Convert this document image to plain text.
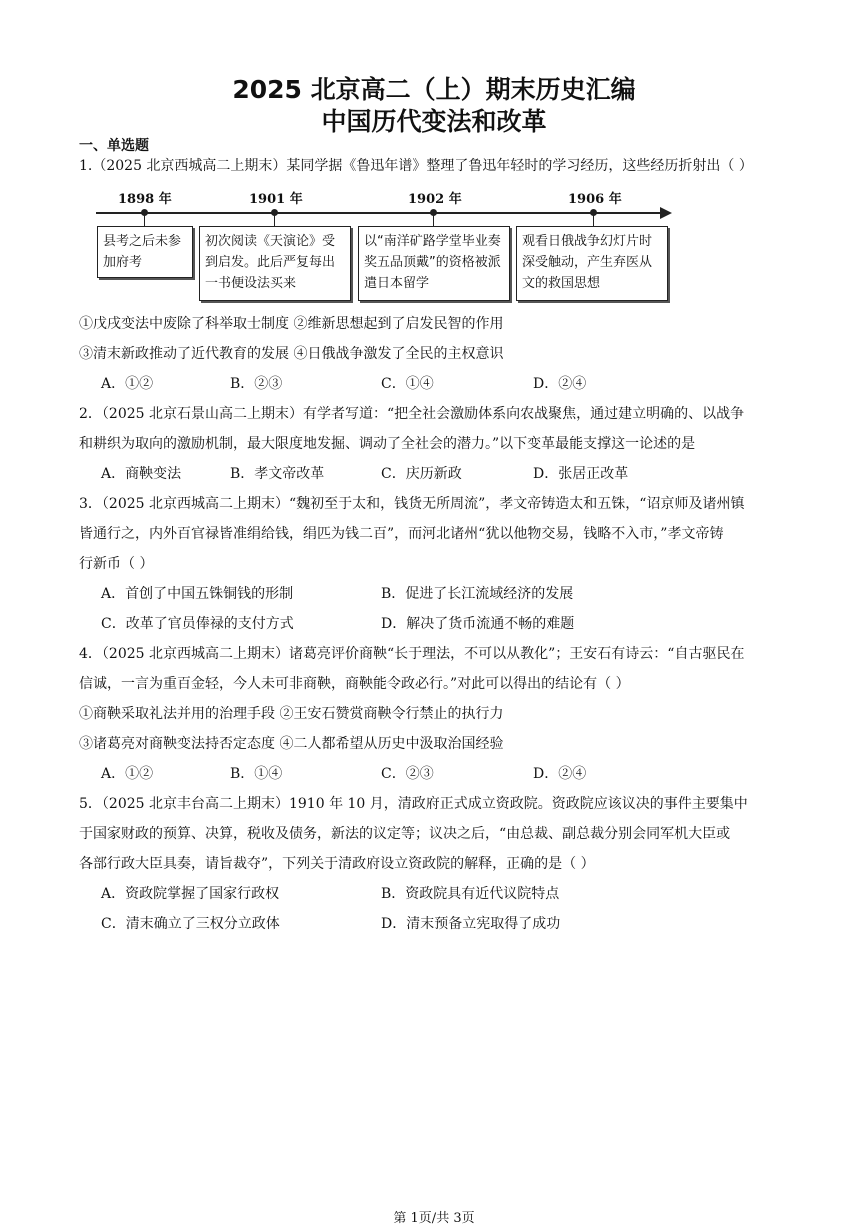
2025 北京高二（上）期末历史汇编
中国历代变法和改革
一、单选题
1.（2025 北京西城高二上期末）某同学据《鲁迅年谱》整理了鲁迅年轻时的学习经历，这些经历折射出（ ）
1898 年	1901 年	1902 年	1906 年
县考之后未参加府考
初次阅读《天演论》受到启发。此后严复每出一书便设法买来
以“南洋矿路学堂毕业奏奖五品顶戴”的资格被派遣日本留学
观看日俄战争幻灯片时深受触动，产生弃医从文的救国思想
①戊戌变法中废除了科举取士制度 ②维新思想起到了启发民智的作用
③清末新政推动了近代教育的发展 ④日俄战争激发了全民的主权意识
A．①②	B．②③	C．①④	D．②④
2．（2025 北京石景山高二上期末）有学者写道：“把全社会激励体系向农战聚焦，通过建立明确的、以战争
和耕织为取向的激励机制，最大限度地发掘、调动了全社会的潜力。”以下变革最能支撑这一论述的是
A．商鞅变法	B．孝文帝改革	C．庆历新政	D．张居正改革
3．（2025 北京西城高二上期末）“魏初至于太和，钱货无所周流”，孝文帝铸造太和五铢，“诏京师及诸州镇
皆通行之，内外百官禄皆准绢给钱，绢匹为钱二百”，而河北诸州“犹以他物交易，钱略不入市，”孝文帝铸
行新币（ ）
A．首创了中国五铢铜钱的形制	B．促进了长江流域经济的发展
C．改革了官员俸禄的支付方式	D．解决了货币流通不畅的难题
4．（2025 北京西城高二上期末）诸葛亮评价商鞅“长于理法，不可以从教化”；王安石有诗云：“自古驱民在
信诚，一言为重百金轻，今人未可非商鞅，商鞅能令政必行。”对此可以得出的结论有（ ）
①商鞅采取礼法并用的治理手段 ②王安石赞赏商鞅令行禁止的执行力
③诸葛亮对商鞅变法持否定态度 ④二人都希望从历史中汲取治国经验
A．①②	B．①④	C．②③	D．②④
5．（2025 北京丰台高二上期末）1910 年 10 月，清政府正式成立资政院。资政院应该议决的事件主要集中
于国家财政的预算、决算，税收及债务，新法的议定等；议决之后，“由总裁、副总裁分别会同军机大臣或
各部行政大臣具奏，请旨裁夺”，下列关于清政府设立资政院的解释，正确的是（ ）
A．资政院掌握了国家行政权	B．资政院具有近代议院特点
C．清末确立了三权分立政体	D．清末预备立宪取得了成功
第 1页/共 3页
